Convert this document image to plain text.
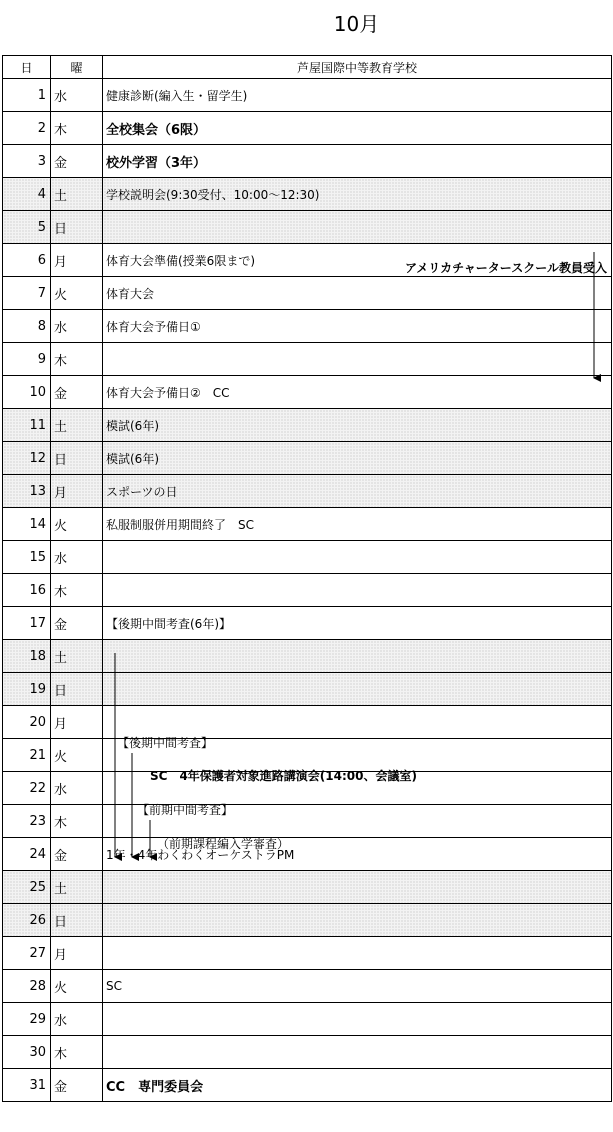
10月
日	曜	芦屋国際中等教育学校
1	水	健康診断(編入生・留学生)
2	木	全校集会（6限）
3	金	校外学習（3年）
4	土	学校説明会(9:30受付、10:00～12:30)
5	日	
6	月	体育大会準備(授業6限まで)
7	火	体育大会
8	水	体育大会予備日①
9	木	
10	金	体育大会予備日②　CC
11	土	模試(6年)
12	日	模試(6年)
13	月	スポーツの日
14	火	私服制服併用期間終了　SC
15	水	
16	木	
17	金	【後期中間考査(6年)】
18	土	
19	日	
20	月	
21	火	
22	水	
23	木	
24	金	1年・4年わくわくオーケストラPM
25	土	
26	日	
27	月	
28	火	SC
29	水	
30	木	
31	金	CC　専門委員会
アメリカチャータースクール教員受入
【後期中間考査】
SC　4年保護者対象進路講演会(14:00、会議室)
【前期中間考査】
（前期課程編入学審査）
